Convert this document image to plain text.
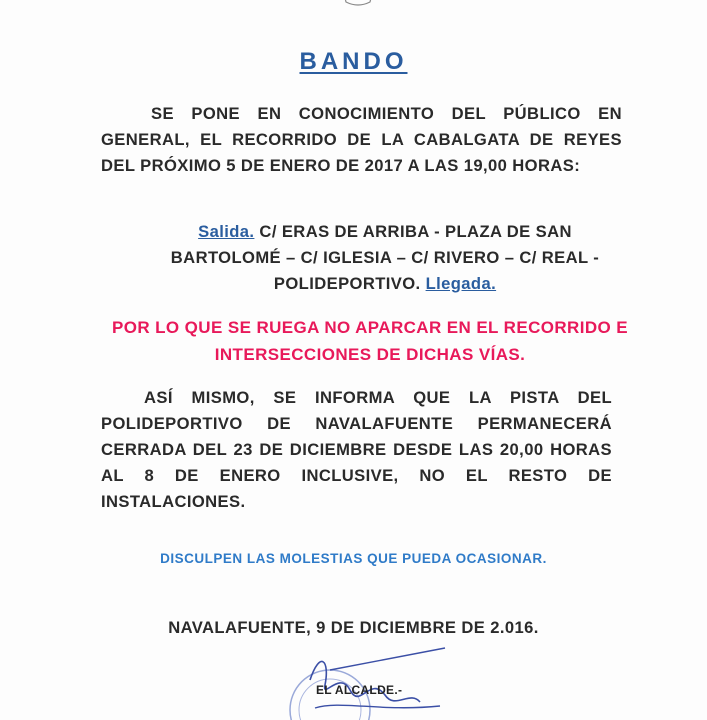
BANDO
SE PONE EN CONOCIMIENTO DEL PÚBLICO EN GENERAL, EL RECORRIDO DE LA CABALGATA DE REYES DEL PRÓXIMO 5 DE ENERO DE 2017 A LAS 19,00 HORAS:
Salida. C/ ERAS DE ARRIBA - PLAZA DE SAN BARTOLOMÉ – C/ IGLESIA – C/ RIVERO – C/ REAL - POLIDEPORTIVO. Llegada.
POR LO QUE SE RUEGA NO APARCAR EN EL RECORRIDO E INTERSECCIONES DE DICHAS VÍAS.
ASÍ MISMO, SE INFORMA QUE LA PISTA DEL POLIDEPORTIVO DE NAVALAFUENTE PERMANECERÁ CERRADA DEL 23 DE DICIEMBRE DESDE LAS 20,00 HORAS AL 8 DE ENERO INCLUSIVE, NO EL RESTO DE INSTALACIONES.
DISCULPEN LAS MOLESTIAS QUE PUEDA OCASIONAR.
NAVALAFUENTE, 9 DE DICIEMBRE DE 2.016.
EL ALCALDE.-
